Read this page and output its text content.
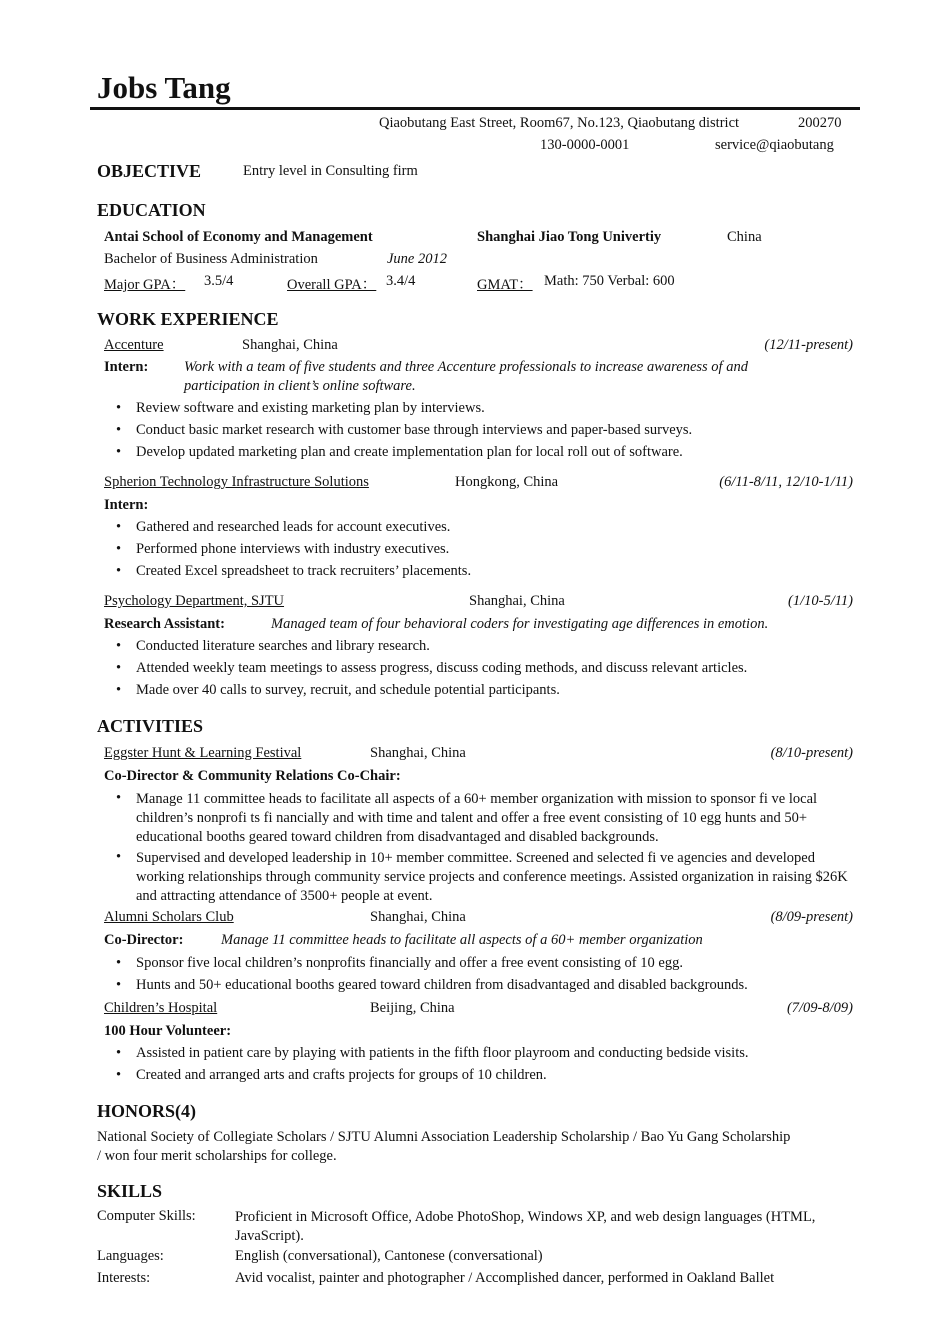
Jobs Tang
Qiaobutang East Street, Room67, No.123, Qiaobutang district	200270
130-0000-0001	service@qiaobutang
OBJECTIVE	Entry level in Consulting firm
EDUCATION
Antai School of Economy and Management	Shanghai Jiao Tong Univertiy	China
Bachelor of Business Administration	June 2012
Major GPA：	3.5/4	Overall GPA： 3.4/4	GMAT： Math: 750 Verbal: 600
WORK EXPERIENCE
Accenture	Shanghai, China	(12/11-present)
Intern: Work with a team of five students and three Accenture professionals to increase awareness of and
participation in client’s online software.
• Review software and existing marketing plan by interviews.
• Conduct basic market research with customer base through interviews and paper-based surveys.
• Develop updated marketing plan and create implementation plan for local roll out of software.
Spherion Technology Infrastructure Solutions	Hongkong, China	(6/11-8/11, 12/10-1/11)
Intern:
• Gathered and researched leads for account executives.
• Performed phone interviews with industry executives.
• Created Excel spreadsheet to track recruiters’ placements.
Psychology Department, SJTU	Shanghai, China	(1/10-5/11)
Research Assistant:	Managed team of four behavioral coders for investigating age differences in emotion.
• Conducted literature searches and library research.
• Attended weekly team meetings to assess progress, discuss coding methods, and discuss relevant articles.
• Made over 40 calls to survey, recruit, and schedule potential participants.
ACTIVITIES
Eggster Hunt & Learning Festival	Shanghai, China	(8/10-present)
Co-Director & Community Relations Co-Chair:
• Manage 11 committee heads to facilitate all aspects of a 60+ member organization with mission to sponsor fi ve local children’s nonprofi ts fi nancially and with time and talent and offer a free event consisting of 10 egg hunts and 50+ educational booths geared toward children from disadvantaged and disabled backgrounds.
• Supervised and developed leadership in 10+ member committee. Screened and selected fi ve agencies and developed working relationships through community service projects and conference meetings. Assisted organization in raising $26K and attracting attendance of 3500+ people at event.
Alumni Scholars Club	Shanghai, China	(8/09-present)
Co-Director:	Manage 11 committee heads to facilitate all aspects of a 60+ member organization
• Sponsor five local children’s nonprofits financially and offer a free event consisting of 10 egg.
• Hunts and 50+ educational booths geared toward children from disadvantaged and disabled backgrounds.
Children’s Hospital	Beijing, China	(7/09-8/09)
100 Hour Volunteer:
• Assisted in patient care by playing with patients in the fifth floor playroom and conducting bedside visits.
• Created and arranged arts and crafts projects for groups of 10 children.
HONORS(4)
National Society of Collegiate Scholars / SJTU Alumni Association Leadership Scholarship / Bao Yu Gang Scholarship / won four merit scholarships for college.
SKILLS
Computer Skills:	Proficient in Microsoft Office, Adobe PhotoShop, Windows XP, and web design languages (HTML, JavaScript).
Languages:	English (conversational), Cantonese (conversational)
Interests:	Avid vocalist, painter and photographer / Accomplished dancer, performed in Oakland Ballet
